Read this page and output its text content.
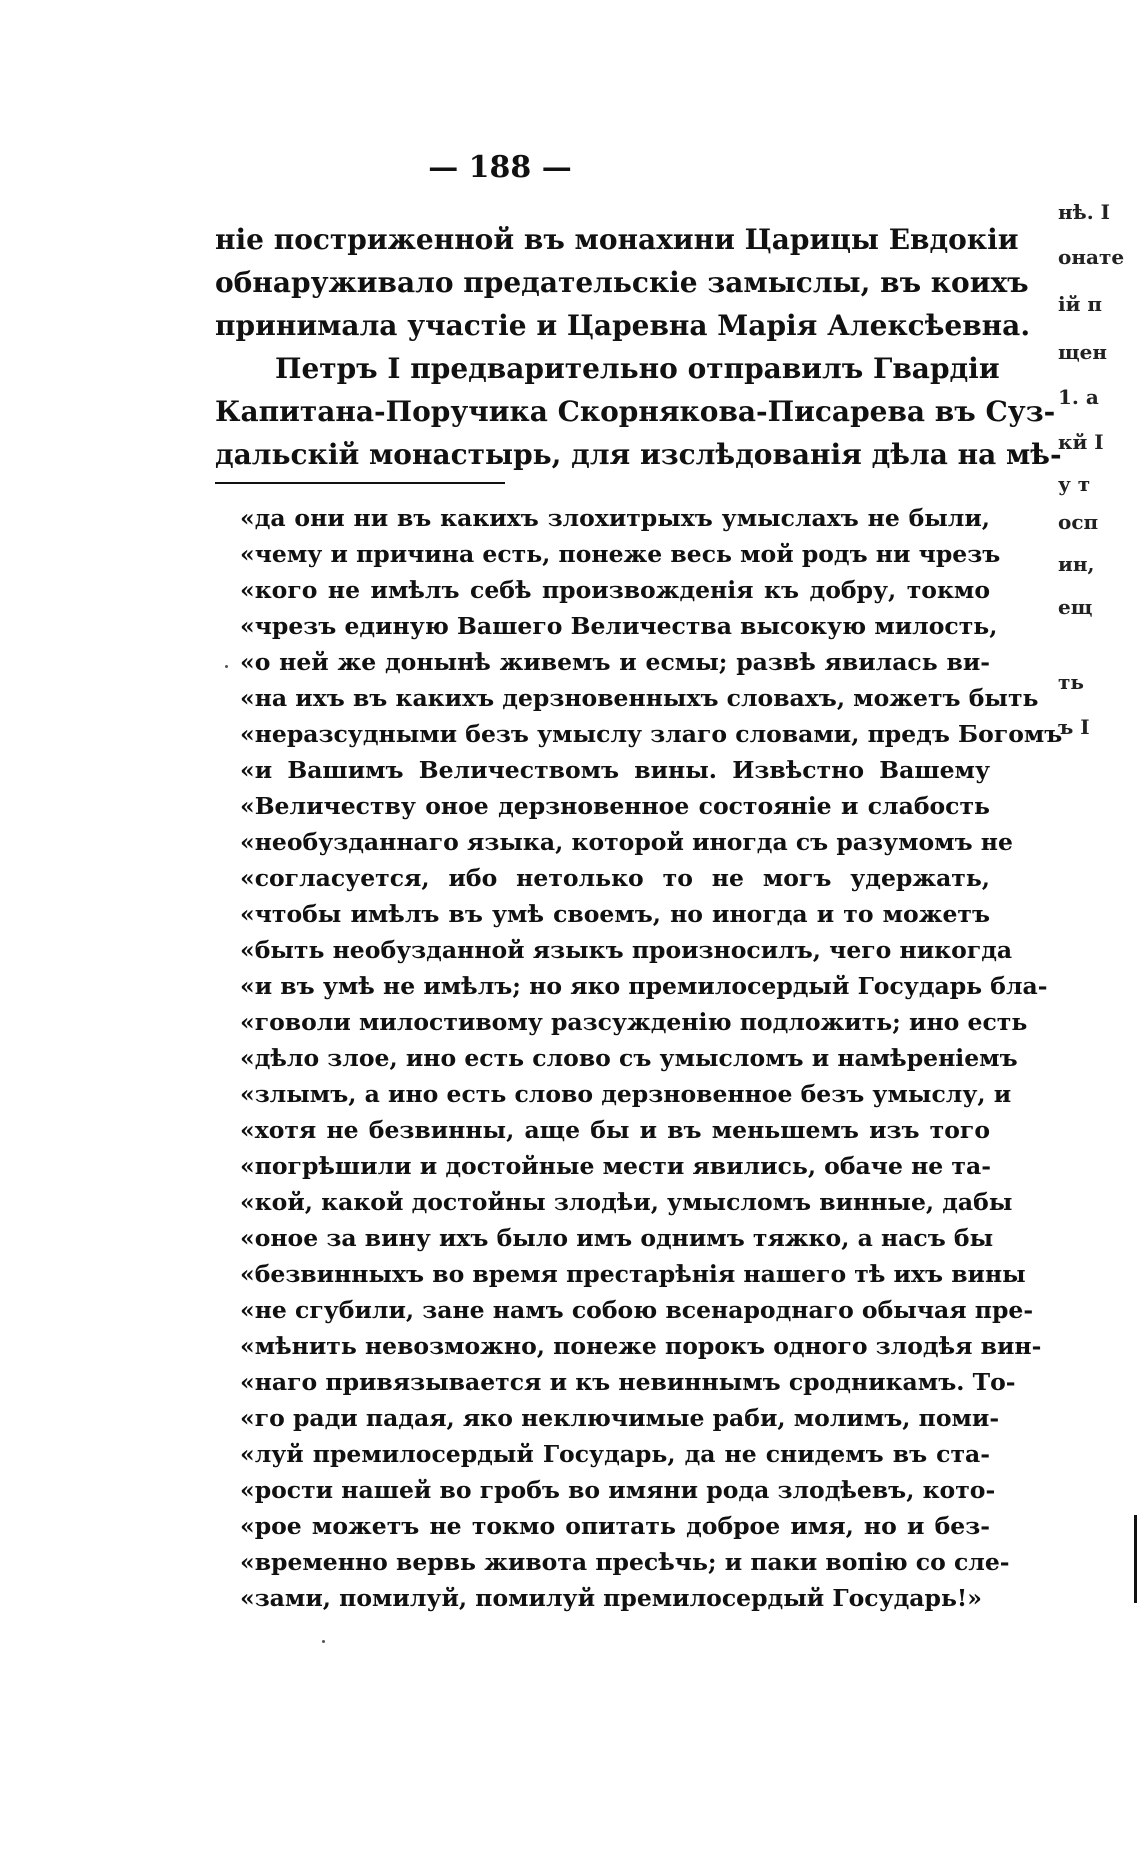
— 188 —
ніе постриженной въ монахини Царицы Евдокіи
обнаруживало предательскіе замыслы, въ коихъ
принимала участіе и Царевна Марія Алексѣевна.
Петръ I предварительно отправилъ Гвардіи
Капитана-Поручика Скорнякова-Писарева въ Суз-
дальскій монастырь, для изслѣдованія дѣла на мѣ-
«да они ни въ какихъ злохитрыхъ умыслахъ не были,
«чему и причина есть, понеже весь мой родъ ни чрезъ
«кого не имѣлъ себѣ произвожденія къ добру, токмо
«чрезъ единую Вашего Величества высокую милость,
«о ней же донынѣ живемъ и есмы; развѣ явилась ви-
«на ихъ въ какихъ дерзновенныхъ словахъ, можетъ быть
«неразсудными безъ умыслу злаго словами, предъ Богомъ
«и Вашимъ Величествомъ вины. Извѣстно Вашему
«Величеству оное дерзновенное состояніе и слабость
«необузданнаго языка, которой иногда съ разумомъ не
«согласуется, ибо нетолько то не могъ удержать,
«чтобы имѣлъ въ умѣ своемъ, но иногда и то можетъ
«быть необузданной языкъ произносилъ, чего никогда
«и въ умѣ не имѣлъ; но яко премилосердый Государь бла-
«говоли милостивому разсужденію подложить; ино есть
«дѣло злое, ино есть слово съ умысломъ и намѣреніемъ
«злымъ, а ино есть слово дерзновенное безъ умыслу, и
«хотя не безвинны, аще бы и въ меньшемъ изъ того
«погрѣшили и достойные мести явились, обаче не та-
«кой, какой достойны злодѣи, умысломъ винные, дабы
«оное за вину ихъ было имъ однимъ тяжко, а насъ бы
«безвинныхъ во время престарѣнія нашего тѣ ихъ вины
«не сгубили, зане намъ собою всенароднаго обычая пре-
«мѣнить невозможно, понеже порокъ одного злодѣя вин-
«наго привязывается и къ невиннымъ сродникамъ. То-
«го ради падая, яко неключимые раби, молимъ, поми-
«луй премилосердый Государь, да не снидемъ въ ста-
«рости нашей во гробъ во имяни рода злодѣевъ, кото-
«рое можетъ не токмо опитать доброе имя, но и без-
«временно вервь живота пресѣчь; и паки вопію со сле-
«зами, помилуй, помилуй премилосердый Государь!»
нѣ. I
онате
ій п
щен
1. а
кй I
у т
осп
ин,
ещ
ть
ъ I
